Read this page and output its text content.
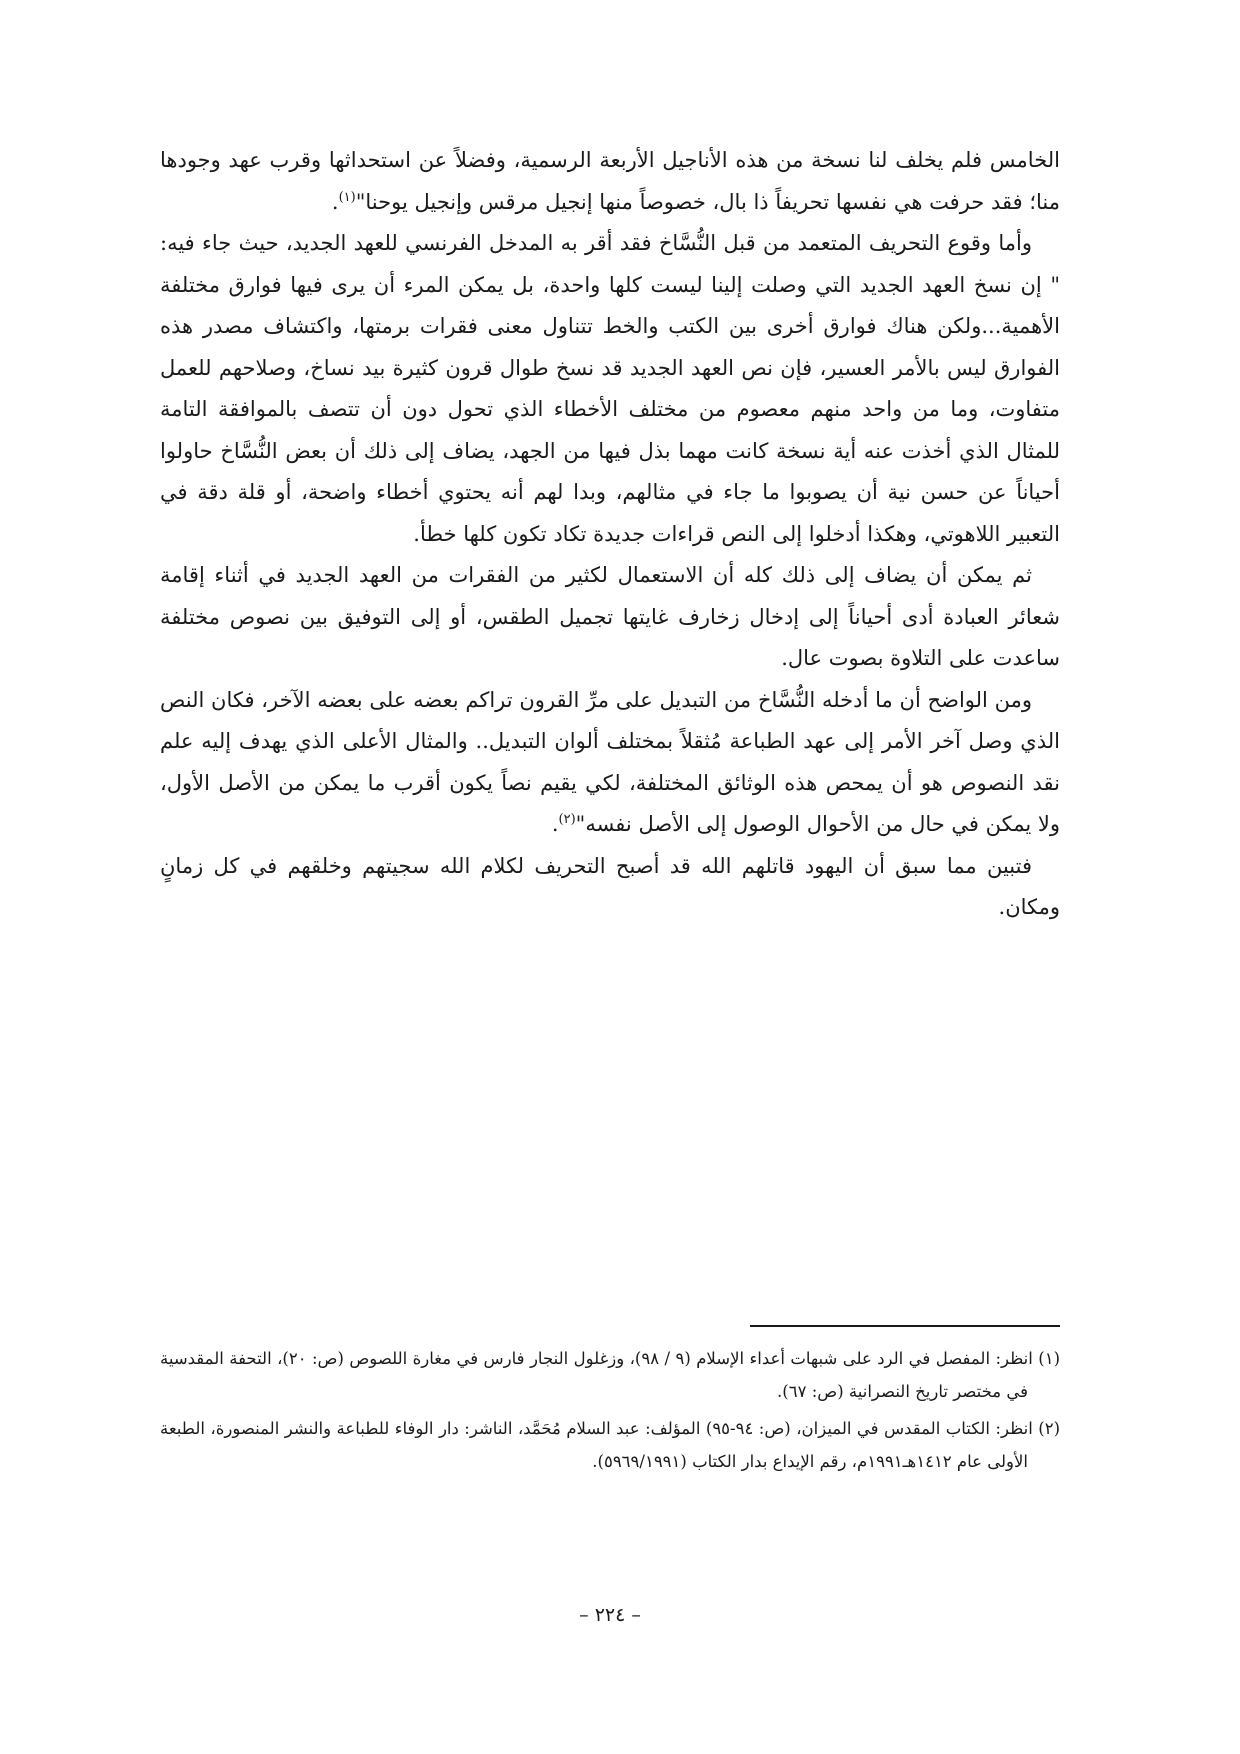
الخامس فلم يخلف لنا نسخة من هذه الأناجيل الأربعة الرسمية، وفضلاً عن استحداثها وقرب عهد وجودها منا؛ فقد حرفت هي نفسها تحريفاً ذا بال، خصوصاً منها إنجيل مرقس وإنجيل يوحنا"$^{(١)}$.

وأما وقوع التحريف المتعمد من قبل النُّسَّاخ فقد أقر به المدخل الفرنسي للعهد الجديد، حيث جاء فيه: " إن نسخ العهد الجديد التي وصلت إلينا ليست كلها واحدة، بل يمكن المرء أن يرى فيها فوارق مختلفة الأهمية...ولكن هناك فوارق أخرى بين الكتب والخط تتناول معنى فقرات برمتها، واكتشاف مصدر هذه الفوارق ليس بالأمر العسير، فإن نص العهد الجديد قد نسخ طوال قرون كثيرة بيد نساخ، وصلاحهم للعمل متفاوت، وما من واحد منهم معصوم من مختلف الأخطاء الذي تحول دون أن تتصف بالموافقة التامة للمثال الذي أخذت عنه أية نسخة كانت مهما بذل فيها من الجهد، يضاف إلى ذلك أن بعض النُّسَّاخ حاولوا أحياناً عن حسن نية أن يصوبوا ما جاء في مثالهم، وبدا لهم أنه يحتوي أخطاء واضحة، أو قلة دقة في التعبير اللاهوتي، وهكذا أدخلوا إلى النص قراءات جديدة تكاد تكون كلها خطأ.

ثم يمكن أن يضاف إلى ذلك كله أن الاستعمال لكثير من الفقرات من العهد الجديد في أثناء إقامة شعائر العبادة أدى أحياناً إلى إدخال زخارف غايتها تجميل الطقس، أو إلى التوفيق بين نصوص مختلفة ساعدت على التلاوة بصوت عال.

ومن الواضح أن ما أدخله النُّسَّاخ من التبديل على مرِّ القرون تراكم بعضه على بعضه الآخر، فكان النص الذي وصل آخر الأمر إلى عهد الطباعة مُثقلاً بمختلف ألوان التبديل.. والمثال الأعلى الذي يهدف إليه علم نقد النصوص هو أن يمحص هذه الوثائق المختلفة، لكي يقيم نصاً يكون أقرب ما يمكن من الأصل الأول، ولا يمكن في حال من الأحوال الوصول إلى الأصل نفسه"$^{(٢)}$.

فتبين مما سبق أن اليهود قاتلهم الله قد أصبح التحريف لكلام الله سجيتهم وخلقهم في كل زمانٍ ومكان.

(١) انظر: المفصل في الرد على شبهات أعداء الإسلام (٩ / ٩٨)، وزغلول النجار فارس في مغارة اللصوص (ص: ٢٠)، التحفة المقدسية في مختصر تاريخ النصرانية (ص: ٦٧).

(٢) انظر: الكتاب المقدس في الميزان، (ص: ٩٤-٩٥) المؤلف: عبد السلام مُحَمَّد، الناشر: دار الوفاء للطباعة والنشر المنصورة، الطبعة الأولى عام ١٤١٢هـ١٩٩١م، رقم الإيداع بدار الكتاب (٥٩٦٩/١٩٩١).

– ٢٢٤ –
